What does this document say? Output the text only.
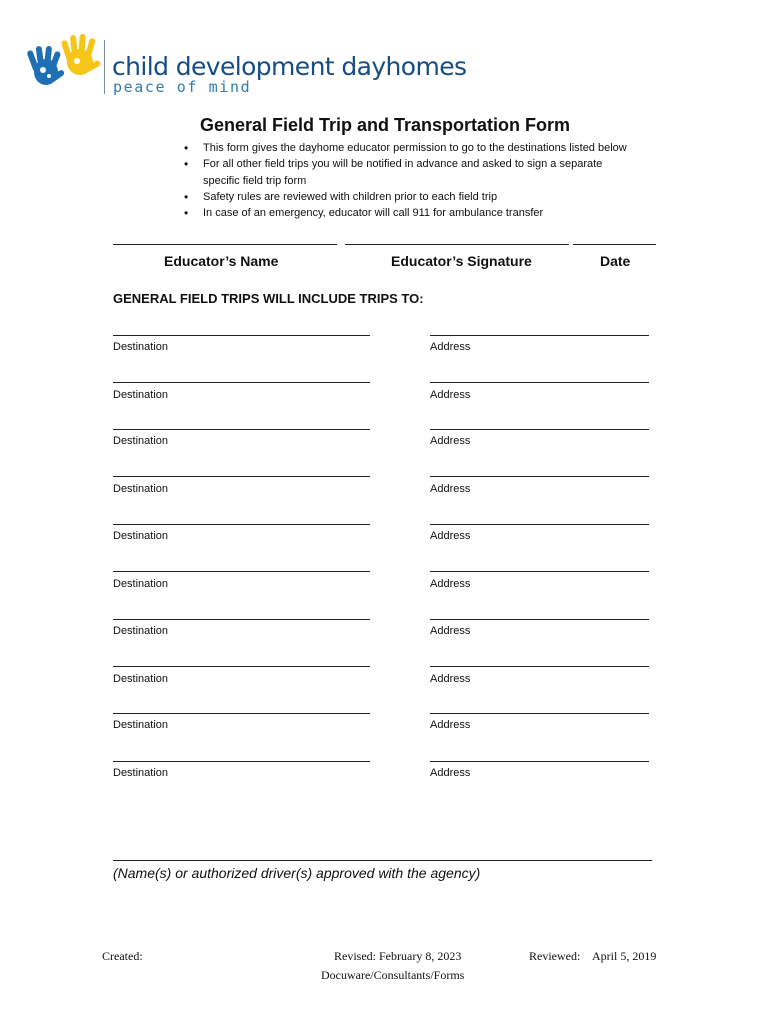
child development dayhomes
peace of mind
General Field Trip and Transportation Form
• This form gives the dayhome educator permission to go to the destinations listed below
• For all other field trips you will be notified in advance and asked to sign a separate specific field trip form
• Safety rules are reviewed with children prior to each field trip
• In case of an emergency, educator will call 911 for ambulance transfer
Educator’s Name	Educator’s Signature	Date
GENERAL FIELD TRIPS WILL INCLUDE TRIPS TO:
Destination	Address
Destination	Address
Destination	Address
Destination	Address
Destination	Address
Destination	Address
Destination	Address
Destination	Address
Destination	Address
Destination	Address
(Name(s) or authorized driver(s) approved with the agency)
Created:	Revised: February 8, 2023	Reviewed: April 5, 2019
Docuware/Consultants/Forms
